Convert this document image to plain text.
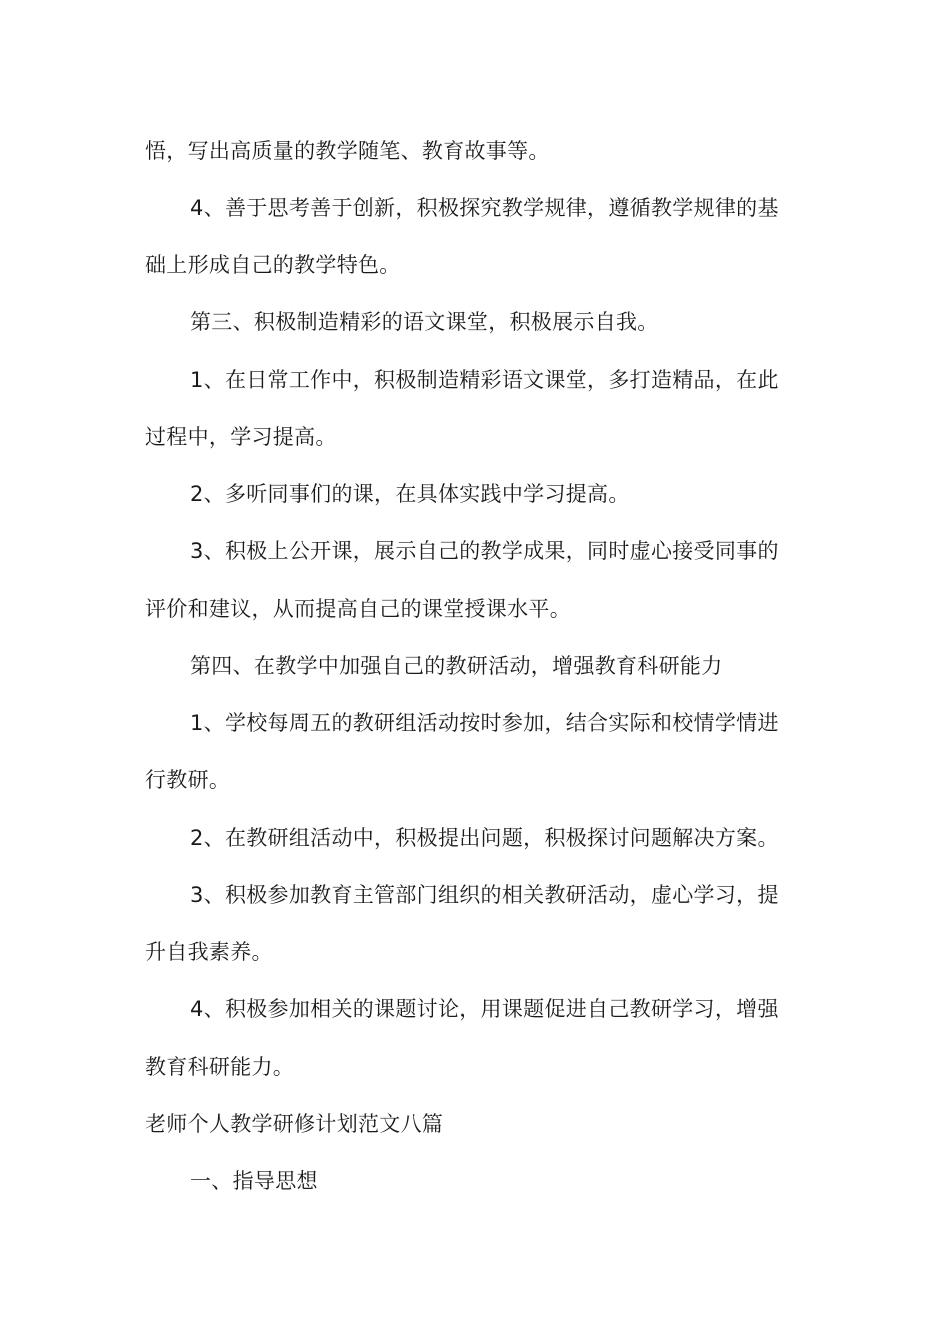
悟，写出高质量的教学随笔、教育故事等。
4、善于思考善于创新，积极探究教学规律，遵循教学规律的基
础上形成自己的教学特色。
第三、积极制造精彩的语文课堂，积极展示自我。
1、在日常工作中，积极制造精彩语文课堂，多打造精品，在此
过程中，学习提高。
2、多听同事们的课，在具体实践中学习提高。
3、积极上公开课，展示自己的教学成果，同时虚心接受同事的
评价和建议，从而提高自己的课堂授课水平。
第四、在教学中加强自己的教研活动，增强教育科研能力
1、学校每周五的教研组活动按时参加，结合实际和校情学情进
行教研。
2、在教研组活动中，积极提出问题，积极探讨问题解决方案。
3、积极参加教育主管部门组织的相关教研活动，虚心学习，提
升自我素养。
4、积极参加相关的课题讨论，用课题促进自己教研学习，增强
教育科研能力。
老师个人教学研修计划范文八篇
一、指导思想
